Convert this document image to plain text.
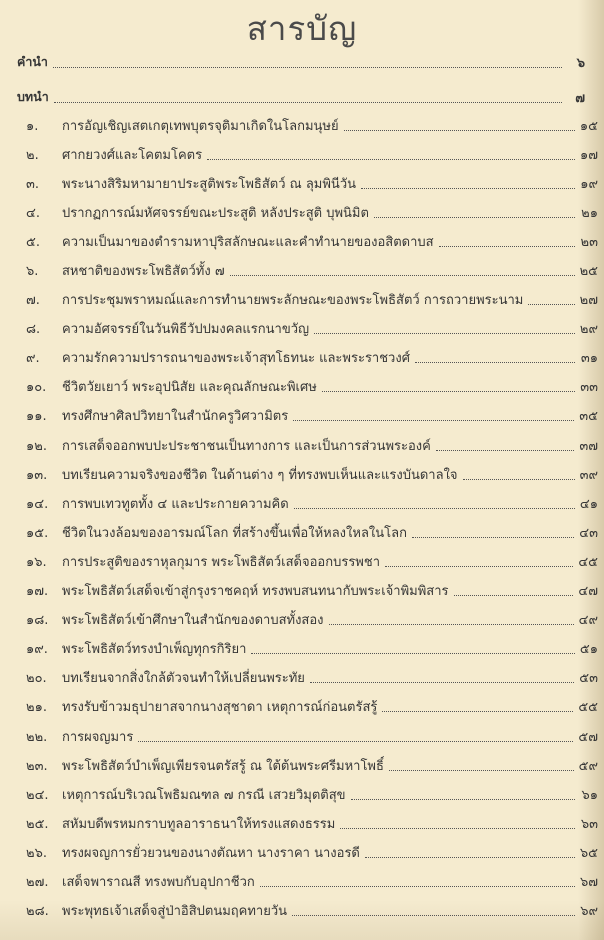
สารบัญ
คำนำ	๖
บทนำ	๗
๑.	การอัญเชิญเสตเกตุเทพบุตรจุติมาเกิดในโลกมนุษย์	๑๕
๒.	ศากยวงศ์และโคตมโคตร	๑๗
๓.	พระนางสิริมหามายาประสูติพระโพธิสัตว์ ณ ลุมพินีวัน	๑๙
๔.	ปรากฏการณ์มหัศจรรย์ขณะประสูติ หลังประสูติ บุพนิมิต	๒๑
๕.	ความเป็นมาของตำรามหาปุริสลักษณะและคำทำนายของอสิตดาบส	๒๓
๖.	สหชาติของพระโพธิสัตว์ทั้ง ๗	๒๕
๗.	การประชุมพราหมณ์และการทำนายพระลักษณะของพระโพธิสัตว์ การถวายพระนาม	๒๗
๘.	ความอัศจรรย์ในวันพิธีวัปปมงคลแรกนาขวัญ	๒๙
๙.	ความรักความปรารถนาของพระเจ้าสุทโธทนะ และพระราชวงศ์	๓๑
๑๐.	ชีวิตวัยเยาว์ พระอุปนิสัย และคุณลักษณะพิเศษ	๓๓
๑๑.	ทรงศึกษาศิลปวิทยาในสำนักครูวิศวามิตร	๓๕
๑๒.	การเสด็จออกพบปะประชาชนเป็นทางการ และเป็นการส่วนพระองค์	๓๗
๑๓.	บทเรียนความจริงของชีวิต ในด้านต่าง ๆ ที่ทรงพบเห็นและแรงบันดาลใจ	๓๙
๑๔.	การพบเทวทูตทั้ง ๔ และประกายความคิด	๔๑
๑๕.	ชีวิตในวงล้อมของอารมณ์โลก ที่สร้างขึ้นเพื่อให้หลงใหลในโลก	๔๓
๑๖.	การประสูติของราหุลกุมาร พระโพธิสัตว์เสด็จออกบรรพชา	๔๕
๑๗.	พระโพธิสัตว์เสด็จเข้าสู่กรุงราชคฤห์ ทรงพบสนทนากับพระเจ้าพิมพิสาร	๔๗
๑๘.	พระโพธิสัตว์เข้าศึกษาในสำนักของดาบสทั้งสอง	๔๙
๑๙.	พระโพธิสัตว์ทรงบำเพ็ญทุกรกิริยา	๕๑
๒๐.	บทเรียนจากสิ่งใกล้ตัวจนทำให้เปลี่ยนพระทัย	๕๓
๒๑.	ทรงรับข้าวมธุปายาสจากนางสุชาดา เหตุการณ์ก่อนตรัสรู้	๕๕
๒๒.	การผจญมาร	๕๗
๒๓.	พระโพธิสัตว์บำเพ็ญเพียรจนตรัสรู้ ณ ใต้ต้นพระศรีมหาโพธิ์	๕๙
๒๔.	เหตุการณ์บริเวณโพธิมณฑล ๗ กรณี เสวยวิมุตติสุข	๖๑
๒๕.	สหัมบดีพรหมกราบทูลอาราธนาให้ทรงแสดงธรรม	๖๓
๒๖.	ทรงผจญการยั่วยวนของนางตัณหา นางราคา นางอรดี	๖๕
๒๗.	เสด็จพาราณสี ทรงพบกับอุปกาชีวก	๖๗
๒๘.	พระพุทธเจ้าเสด็จสู่ป่าอิสิปตนมฤคทายวัน	๖๙
